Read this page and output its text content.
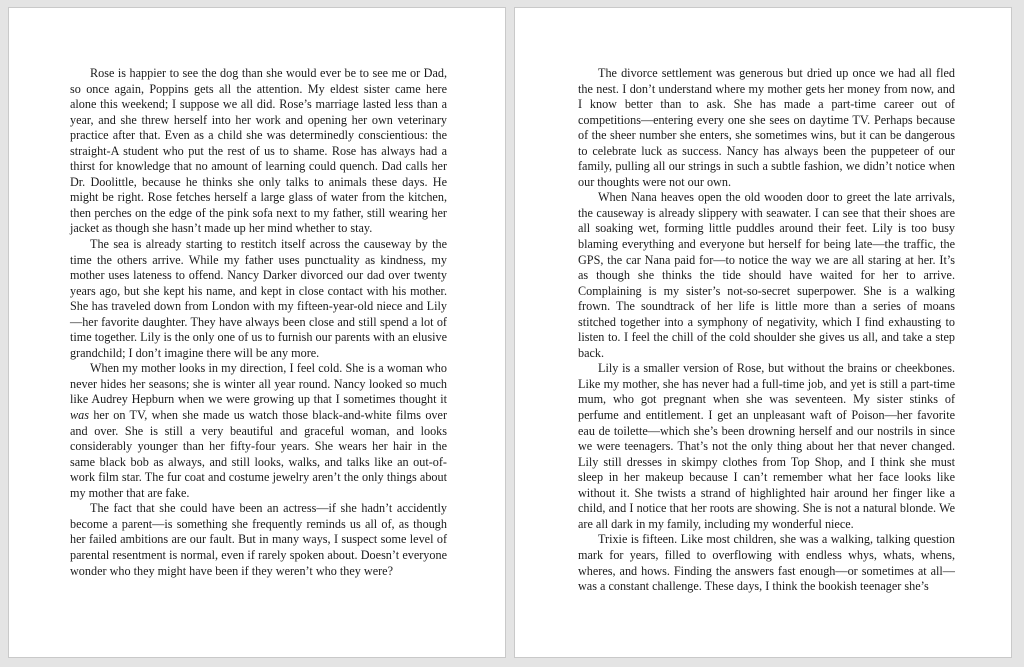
Rose is happier to see the dog than she would ever be to see me or Dad, so once again, Poppins gets all the attention. My eldest sister came here alone this weekend; I suppose we all did. Rose’s marriage lasted less than a year, and she threw herself into her work and opening her own veterinary practice after that. Even as a child she was determinedly conscientious: the straight-A student who put the rest of us to shame. Rose has always had a thirst for knowledge that no amount of learning could quench. Dad calls her Dr. Doolittle, because he thinks she only talks to animals these days. He might be right. Rose fetches herself a large glass of water from the kitchen, then perches on the edge of the pink sofa next to my father, still wearing her jacket as though she hasn’t made up her mind whether to stay.

The sea is already starting to restitch itself across the causeway by the time the others arrive. While my father uses punctuality as kindness, my mother uses lateness to offend. Nancy Darker divorced our dad over twenty years ago, but she kept his name, and kept in close contact with his mother. She has traveled down from London with my fifteen-year-old niece and Lily—her favorite daughter. They have always been close and still spend a lot of time together. Lily is the only one of us to furnish our parents with an elusive grandchild; I don’t imagine there will be any more.

When my mother looks in my direction, I feel cold. She is a woman who never hides her seasons; she is winter all year round. Nancy looked so much like Audrey Hepburn when we were growing up that I sometimes thought it was her on TV, when she made us watch those black-and-white films over and over. She is still a very beautiful and graceful woman, and looks considerably younger than her fifty-four years. She wears her hair in the same black bob as always, and still looks, walks, and talks like an out-of-work film star. The fur coat and costume jewelry aren’t the only things about my mother that are fake.

The fact that she could have been an actress—if she hadn’t accidently become a parent—is something she frequently reminds us all of, as though her failed ambitions are our fault. But in many ways, I suspect some level of parental resentment is normal, even if rarely spoken about. Doesn’t everyone wonder who they might have been if they weren’t who they were?

The divorce settlement was generous but dried up once we had all fled the nest. I don’t understand where my mother gets her money from now, and I know better than to ask. She has made a part-time career out of competitions—entering every one she sees on daytime TV. Perhaps because of the sheer number she enters, she sometimes wins, but it can be dangerous to celebrate luck as success. Nancy has always been the puppeteer of our family, pulling all our strings in such a subtle fashion, we didn’t notice when our thoughts were not our own.

When Nana heaves open the old wooden door to greet the late arrivals, the causeway is already slippery with seawater. I can see that their shoes are all soaking wet, forming little puddles around their feet. Lily is too busy blaming everything and everyone but herself for being late—the traffic, the GPS, the car Nana paid for—to notice the way we are all staring at her. It’s as though she thinks the tide should have waited for her to arrive. Complaining is my sister’s not-so-secret superpower. She is a walking frown. The soundtrack of her life is little more than a series of moans stitched together into a symphony of negativity, which I find exhausting to listen to. I feel the chill of the cold shoulder she gives us all, and take a step back.

Lily is a smaller version of Rose, but without the brains or cheekbones. Like my mother, she has never had a full-time job, and yet is still a part-time mum, who got pregnant when she was seventeen. My sister stinks of perfume and entitlement. I get an unpleasant waft of Poison—her favorite eau de toilette—which she’s been drowning herself and our nostrils in since we were teenagers. That’s not the only thing about her that never changed. Lily still dresses in skimpy clothes from Top Shop, and I think she must sleep in her makeup because I can’t remember what her face looks like without it. She twists a strand of highlighted hair around her finger like a child, and I notice that her roots are showing. She is not a natural blonde. We are all dark in my family, including my wonderful niece.

Trixie is fifteen. Like most children, she was a walking, talking question mark for years, filled to overflowing with endless whys, whats, whens, wheres, and hows. Finding the answers fast enough—or sometimes at all—was a constant challenge. These days, I think the bookish teenager she’s
